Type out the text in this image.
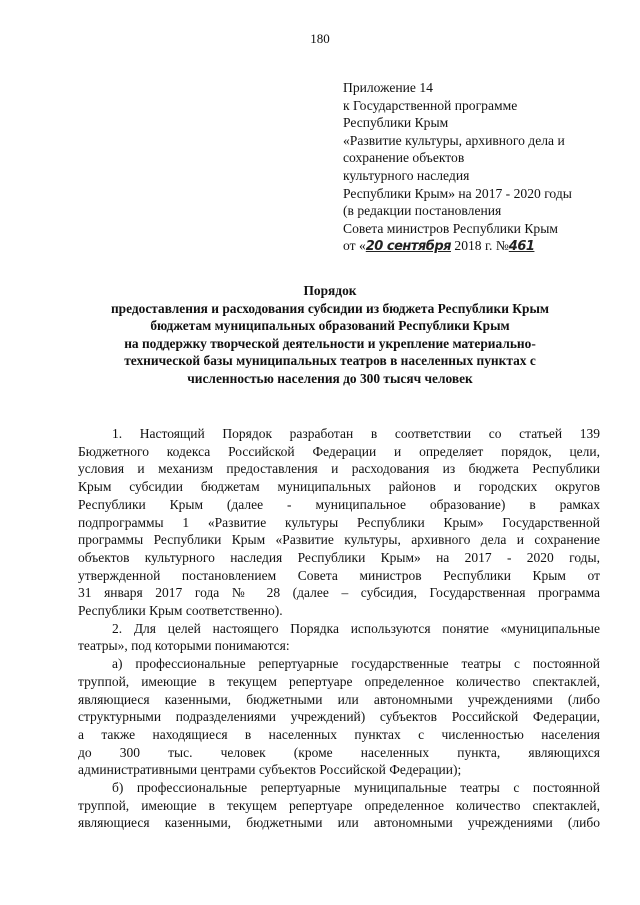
180
Приложение 14
к Государственной программе
Республики Крым
«Развитие культуры, архивного дела и
сохранение объектов
культурного наследия
Республики Крым» на 2017 - 2020 годы
(в редакции постановления
Совета министров Республики Крым
от «20 сентября 2018 г. №461
Порядок
предоставления и расходования субсидии из бюджета Республики Крым
бюджетам муниципальных образований Республики Крым
на поддержку творческой деятельности и укрепление материально-
технической базы муниципальных театров в населенных пунктах с
численностью населения до 300 тысяч человек
1. Настоящий Порядок разработан в соответствии со статьей 139
Бюджетного кодекса Российской Федерации и определяет порядок, цели,
условия и механизм предоставления и расходования из бюджета Республики
Крым субсидии бюджетам муниципальных районов и городских округов
Республики Крым (далее - муниципальное образование) в рамках
подпрограммы 1 «Развитие культуры Республики Крым» Государственной
программы Республики Крым «Развитие культуры, архивного дела и сохранение
объектов культурного наследия Республики Крым» на 2017 - 2020 годы,
утвержденной постановлением Совета министров Республики Крым от
31 января 2017 года № 28 (далее – субсидия, Государственная программа
Республики Крым соответственно).
2. Для целей настоящего Порядка используются понятие «муниципальные
театры», под которыми понимаются:
а) профессиональные репертуарные государственные театры с постоянной
труппой, имеющие в текущем репертуаре определенное количество спектаклей,
являющиеся казенными, бюджетными или автономными учреждениями (либо
структурными подразделениями учреждений) субъектов Российской Федерации,
а также находящиеся в населенных пунктах с численностью населения
до 300 тыс. человек (кроме населенных пункта, являющихся
административными центрами субъектов Российской Федерации);
б) профессиональные репертуарные муниципальные театры с постоянной
труппой, имеющие в текущем репертуаре определенное количество спектаклей,
являющиеся казенными, бюджетными или автономными учреждениями (либо
